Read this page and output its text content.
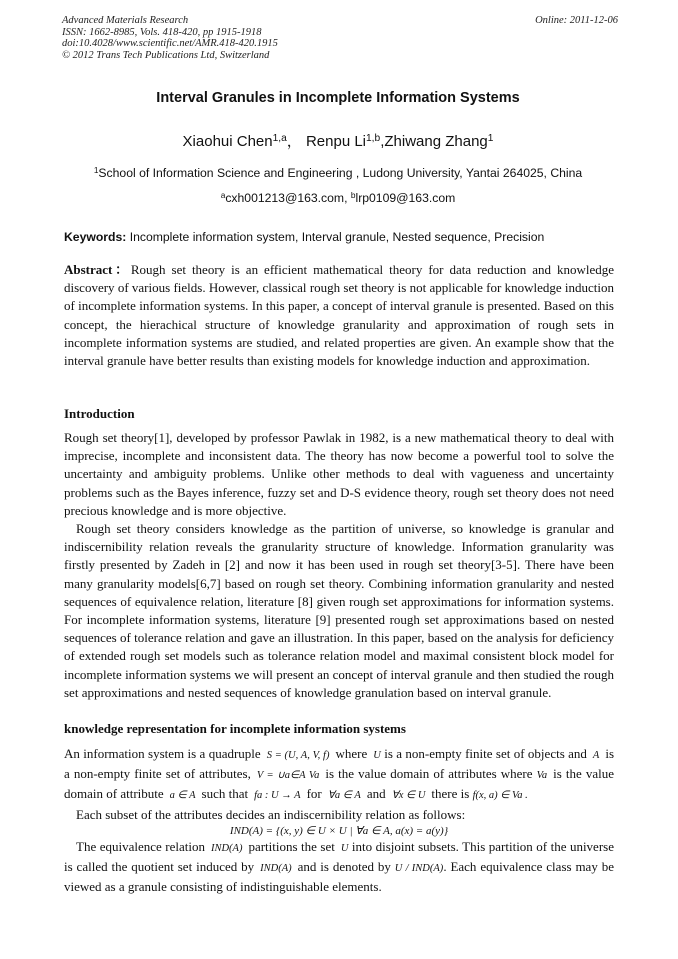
Advanced Materials Research
ISSN: 1662-8985, Vols. 418-420, pp 1915-1918
doi:10.4028/www.scientific.net/AMR.418-420.1915
© 2012 Trans Tech Publications Ltd, Switzerland
Online: 2011-12-06
Interval Granules in Incomplete Information Systems
Xiaohui Chen$^{1,a}$， Renpu Li$^{1,b}$,Zhiwang Zhang$^1$
$^1$School of Information Science and Engineering , Ludong University, Yantai 264025, China
$^a$cxh001213@163.com, $^b$lrp0109@163.com
Keywords: Incomplete information system, Interval granule, Nested sequence, Precision
Abstract：Rough set theory is an efficient mathematical theory for data reduction and knowledge discovery of various fields. However, classical rough set theory is not applicable for knowledge induction of incomplete information systems. In this paper, a concept of interval granule is presented. Based on this concept, the hierachical structure of knowledge granularity and approximation of rough sets in incomplete information systems are studied, and related properties are given. An example show that the interval granule have better results than existing models for knowledge induction and approximation.
Introduction

Rough set theory[1], developed by professor Pawlak in 1982, is a new mathematical theory to deal with imprecise, incomplete and inconsistent data. The theory has now become a powerful tool to solve the uncertainty and ambiguity problems. Unlike other methods to deal with vagueness and uncertainty problems such as the Bayes inference, fuzzy set and D-S evidence theory, rough set theory does not need precious knowledge and is more objective.

Rough set theory considers knowledge as the partition of universe, so knowledge is granular and indiscernibility relation reveals the granularity structure of knowledge. Information granularity was firstly presented by Zadeh in [2] and now it has been used in rough set theory[3-5]. There have been many granularity models[6,7] based on rough set theory. Combining information granularity and nested sequences of equivalence relation, literature [8] given rough set approximations for information systems. For incomplete information systems, literature [9] presented rough set approximations based on nested sequences of tolerance relation and gave an illustration. In this paper, based on the analysis for deficiency of extended rough set models such as tolerance relation model and maximal consistent block model for incomplete information systems we will present an concept of interval granule and then studied the rough set approximations and nested sequences of knowledge granulation based on interval granule.

knowledge representation for incomplete information systems

An information system is a quadruple S = (U, A, V, f) where U is a non-empty finite set of objects and A is a non-empty finite set of attributes, V = ∪a∈A Va is the value domain of attributes where Va is the value domain of attribute a ∈ A such that fa : U → A for ∀a ∈ A and ∀x ∈ U there is f(x, a) ∈ Va .

Each subset of the attributes decides an indiscernibility relation as follows:

IND(A) = {(x, y) ∈ U × U | ∀a ∈ A, a(x) = a(y)}

The equivalence relation IND(A) partitions the set U into disjoint subsets. This partition of the universe is called the quotient set induced by IND(A) and is denoted by U / IND(A). Each equivalence class may be viewed as a granule consisting of indistinguishable elements.
